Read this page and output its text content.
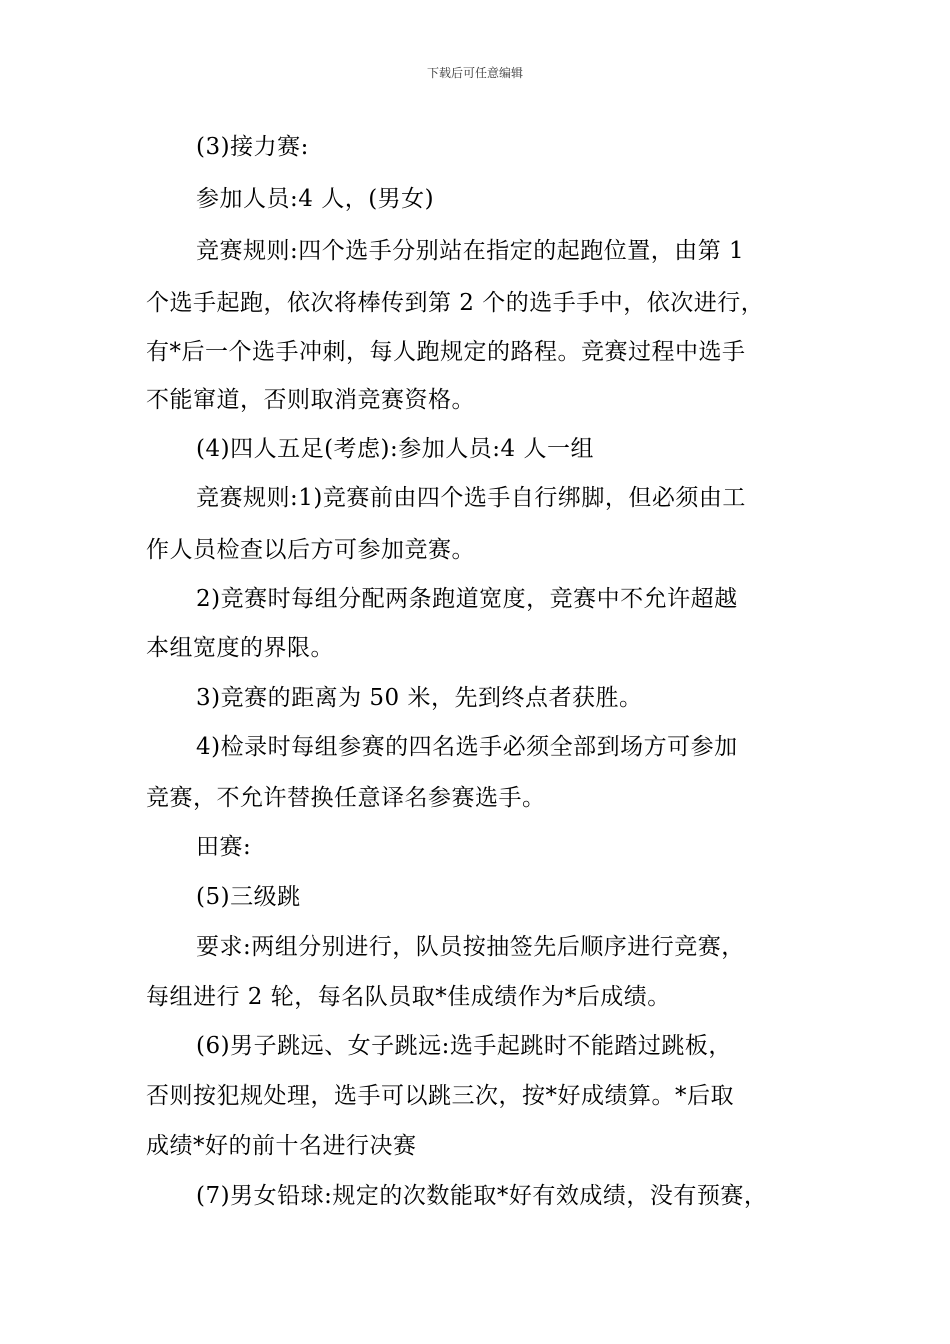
下载后可任意编辑
(3)接力赛:
参加人员:4 人，(男女)
竞赛规则:四个选手分别站在指定的起跑位置，由第 1
个选手起跑，依次将棒传到第 2 个的选手手中，依次进行，
有*后一个选手冲刺，每人跑规定的路程。竞赛过程中选手
不能窜道，否则取消竞赛资格。
(4)四人五足(考虑):参加人员:4 人一组
竞赛规则:1)竞赛前由四个选手自行绑脚，但必须由工
作人员检查以后方可参加竞赛。
2)竞赛时每组分配两条跑道宽度，竞赛中不允许超越
本组宽度的界限。
3)竞赛的距离为 50 米，先到终点者获胜。
4)检录时每组参赛的四名选手必须全部到场方可参加
竞赛，不允许替换任意译名参赛选手。
田赛:
(5)三级跳
要求:两组分别进行，队员按抽签先后顺序进行竞赛，
每组进行 2 轮，每名队员取*佳成绩作为*后成绩。
(6)男子跳远、女子跳远:选手起跳时不能踏过跳板，
否则按犯规处理，选手可以跳三次，按*好成绩算。*后取
成绩*好的前十名进行决赛
(7)男女铅球:规定的次数能取*好有效成绩，没有预赛，
